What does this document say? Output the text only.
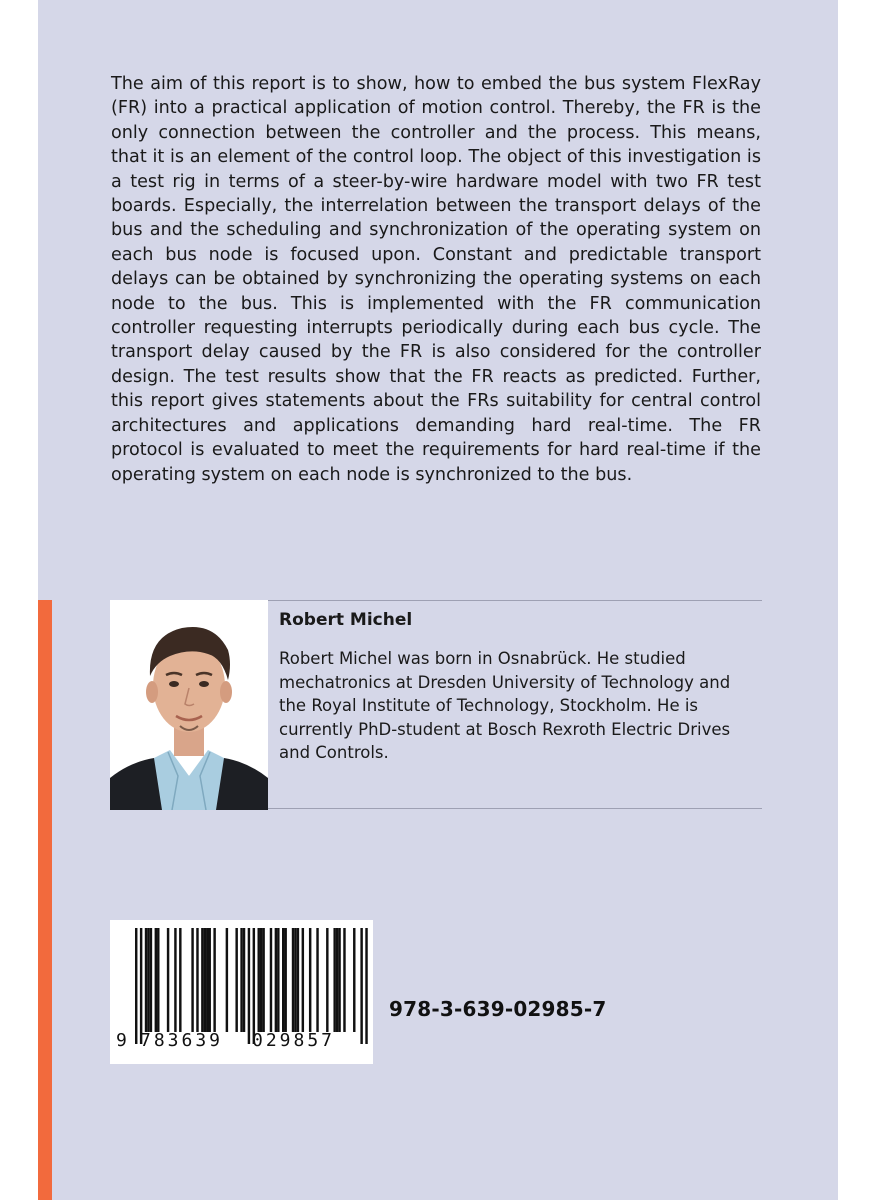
The aim of this report is to show, how to embed the bus system FlexRay (FR) into a practical application of motion control. Thereby, the FR is the only connection between the controller and the process. This means, that it is an element of the control loop. The object of this investigation is a test rig in terms of a steer-by-wire hardware model with two FR test boards. Especially, the interrelation between the transport delays of the bus and the scheduling and synchronization of the operating system on each bus node is focused upon. Constant and predictable transport delays can be obtained by synchronizing the operating systems on each node to the bus. This is implemented with the FR communication controller requesting interrupts periodically during each bus cycle. The transport delay caused by the FR is also considered for the controller design. The test results show that the FR reacts as predicted. Further, this report gives statements about the FRs suitability for central control architectures and applications demanding hard real-time. The FR protocol is evaluated to meet the requirements for hard real-time if the operating system on each node is synchronized to the bus.

Robert Michel

Robert Michel was born in Osnabrück. He studied mechatronics at Dresden University of Technology and the Royal Institute of Technology, Stockholm. He is currently PhD-student at Bosch Rexroth Electric Drives and Controls.

9 783639 029857
978-3-639-02985-7
